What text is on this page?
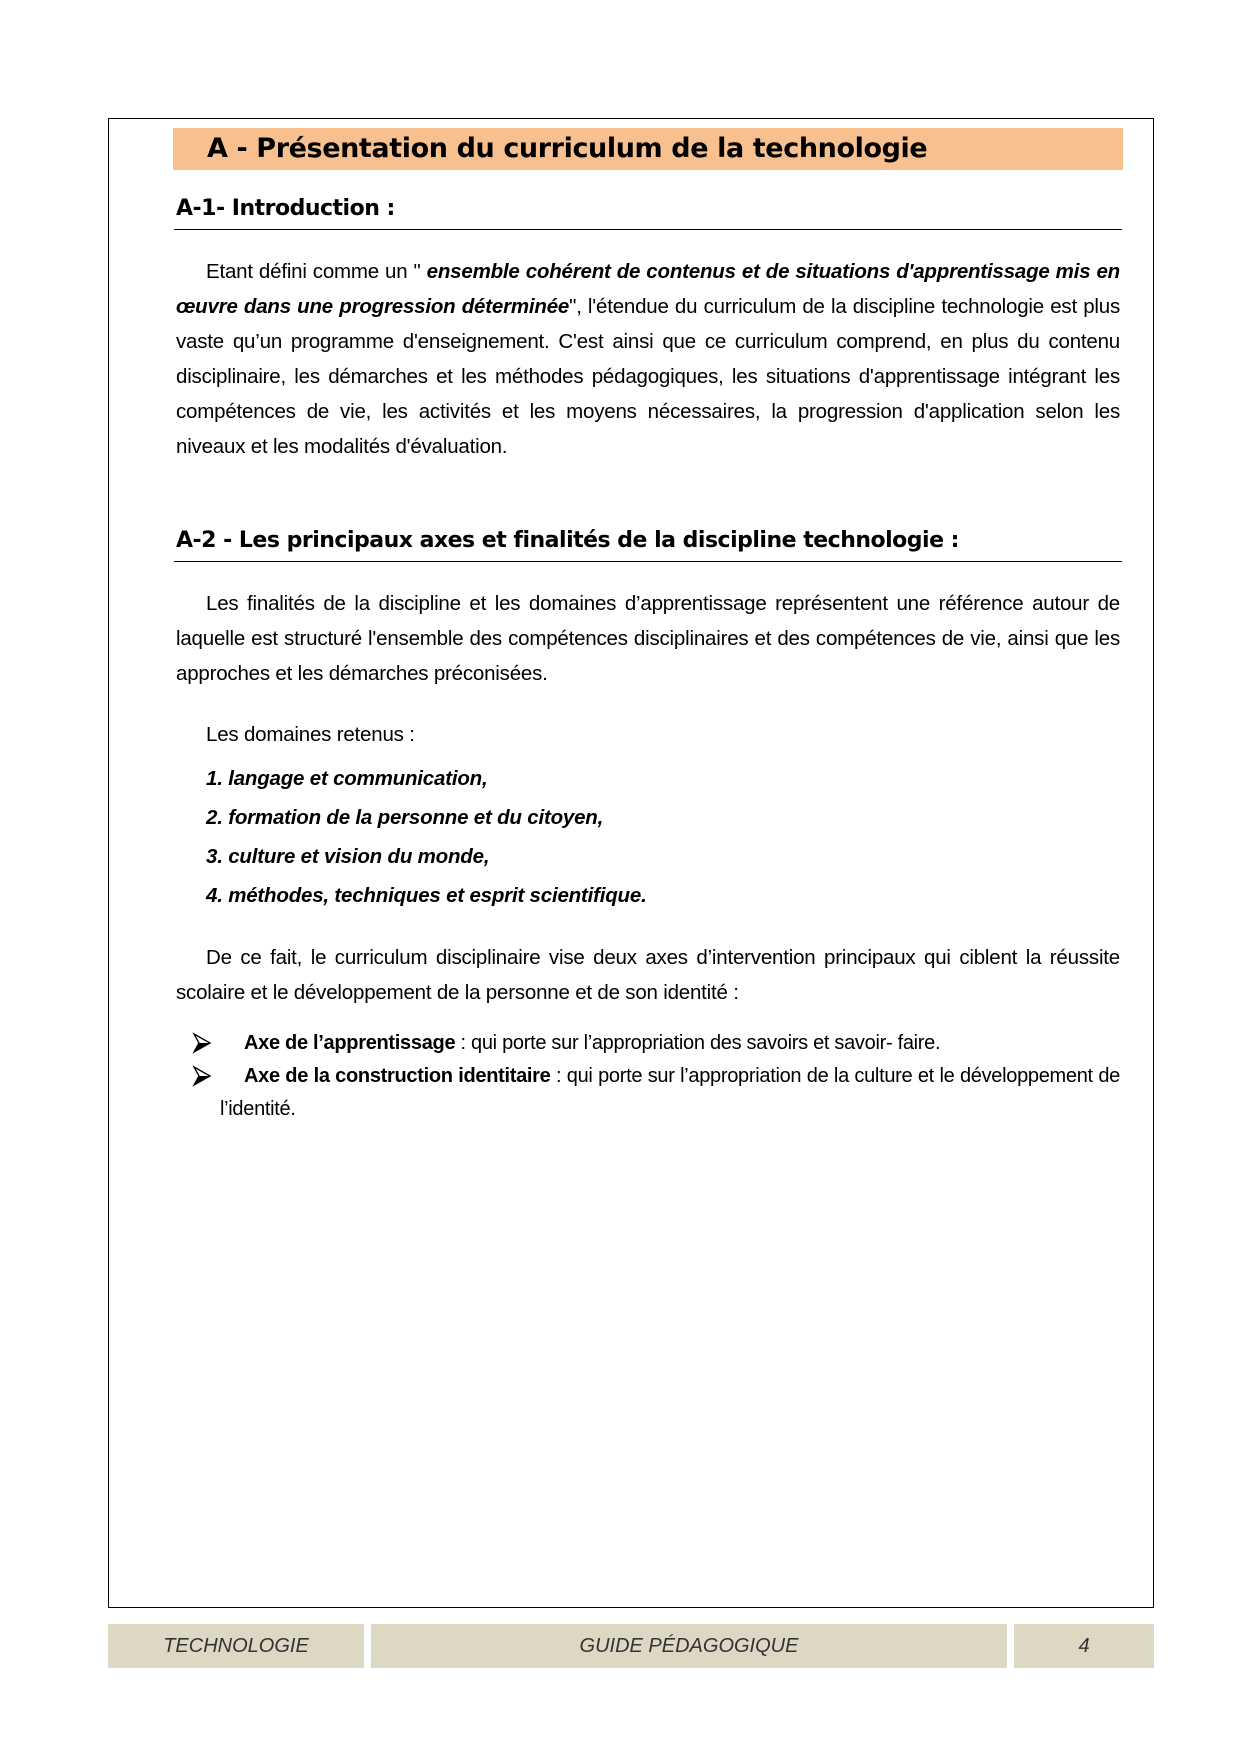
A - Présentation du curriculum de la technologie
A-1- Introduction :
Etant défini comme un " ensemble cohérent de contenus et de situations d'apprentissage mis en œuvre dans une progression déterminée", l'étendue du curriculum de la discipline technologie est plus vaste qu’un programme d'enseignement. C'est ainsi que ce curriculum comprend, en plus du contenu disciplinaire, les démarches et les méthodes pédagogiques, les situations d'apprentissage intégrant les compétences de vie, les activités et les moyens nécessaires, la progression d'application selon les niveaux et les modalités d'évaluation.
A-2 - Les principaux axes et finalités de la discipline technologie :
Les finalités de la discipline et les domaines d’apprentissage représentent une référence autour de laquelle est structuré l'ensemble des compétences disciplinaires et des compétences de vie, ainsi que les approches et les démarches préconisées.
Les domaines retenus :
1. langage et communication,
2. formation de la personne et du citoyen,
3. culture et vision du monde,
4. méthodes, techniques et esprit scientifique.
De ce fait, le curriculum disciplinaire vise deux axes d’intervention principaux qui ciblent la réussite scolaire et le développement de la personne et de son identité :
Axe de l’apprentissage : qui porte sur l’appropriation des savoirs et savoir- faire.
Axe de la construction identitaire : qui porte sur l’appropriation de la culture et le développement de l’identité.
TECHNOLOGIE	GUIDE PÉDAGOGIQUE	4
